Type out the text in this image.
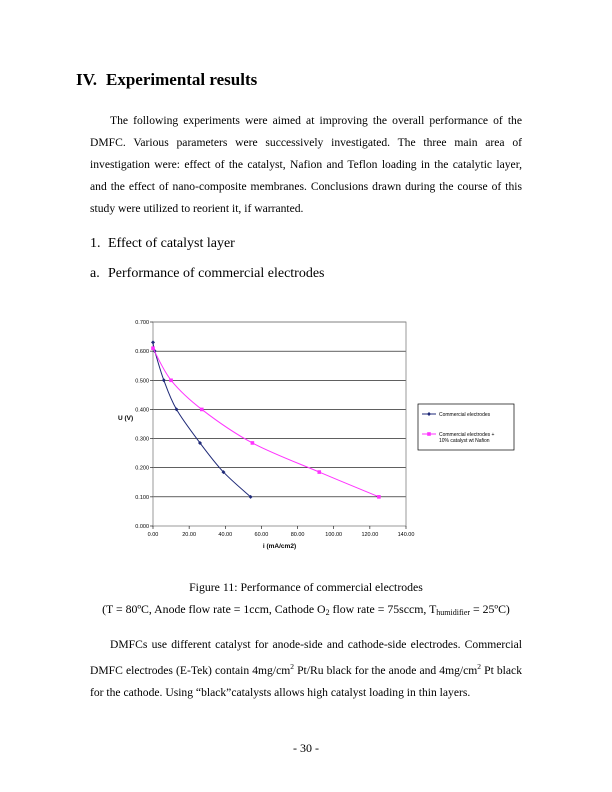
IV. Experimental results

The following experiments were aimed at improving the overall performance of the DMFC. Various parameters were successively investigated. The three main area of investigation were: effect of the catalyst, Nafion and Teflon loading in the catalytic layer, and the effect of nano-composite membranes. Conclusions drawn during the course of this study were utilized to reorient it, if warranted.

1. Effect of catalyst layer
a. Performance of commercial electrodes
0.000
0.100
0.200
0.300
0.400
0.500
0.600
0.700
0.00	20.00	40.00	60.00	80.00	100.00	120.00	140.00
U (V)
i (mA/cm2)
Commercial electrodes
Commercial electrodes + 10% catalyst wt Nafion
Figure 11: Performance of commercial electrodes
(T = 80ºC, Anode flow rate = 1ccm, Cathode $O_2$ flow rate = 75sccm, $T_{humidifier}$ = 25ºC)

DMFCs use different catalyst for anode-side and cathode-side electrodes. Commercial DMFC electrodes (E-Tek) contain $4mg/cm^2$ Pt/Ru black for the anode and $4mg/cm^2$ Pt black for the cathode. Using “black”catalysts allows high catalyst loading in thin layers.

- 30 -
